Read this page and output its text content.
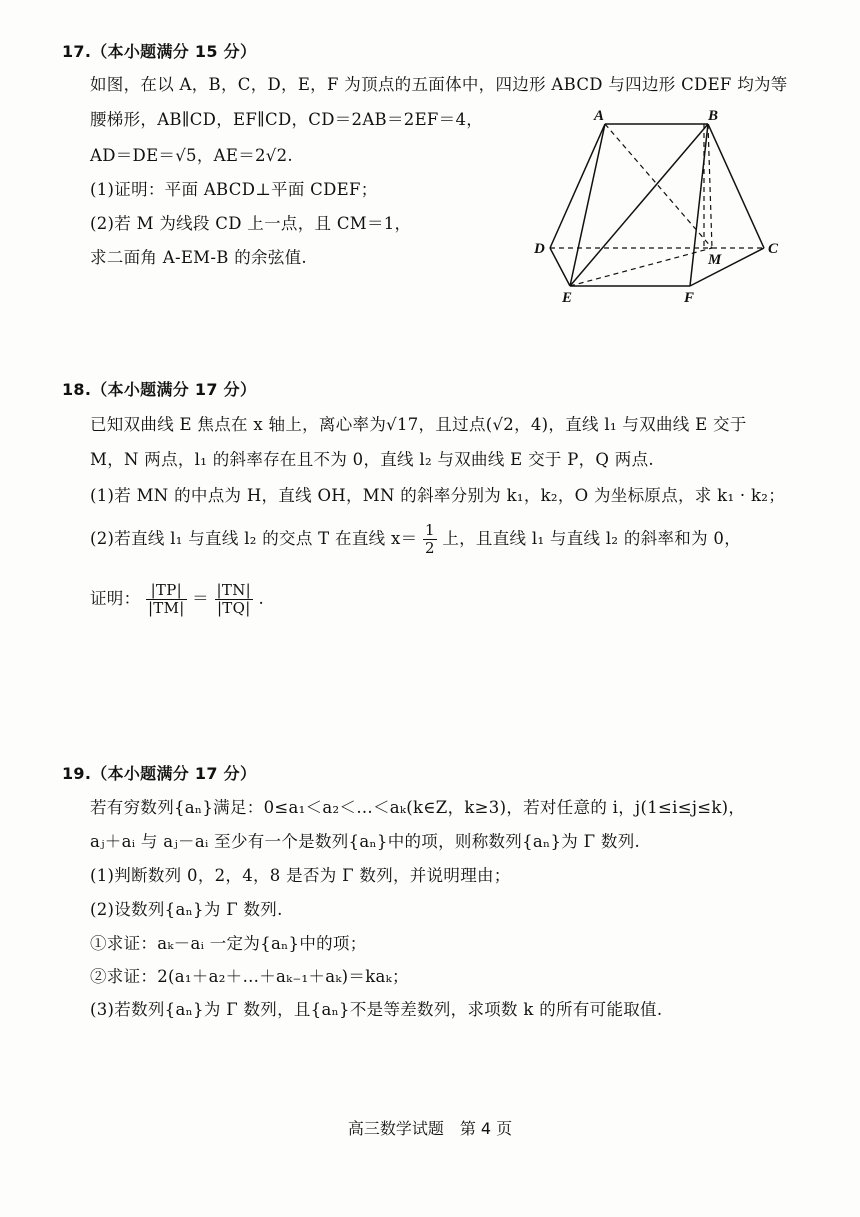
17.（本小题满分 15 分）
如图，在以 A，B，C，D，E，F 为顶点的五面体中，四边形 ABCD 与四边形 CDEF 均为等
腰梯形，AB∥CD，EF∥CD，CD＝2AB＝2EF＝4，
AD＝DE＝√5，AE＝2√2.
(1)证明：平面 ABCD⊥平面 CDEF；
(2)若 M 为线段 CD 上一点，且 CM＝1，
求二面角 A-EM-B 的余弦值.
A	B
C
D
E	F
M
18.（本小题满分 17 分）
已知双曲线 E 焦点在 x 轴上，离心率为√17，且过点(√2，4)，直线 l₁ 与双曲线 E 交于
M，N 两点，l₁ 的斜率存在且不为 0，直线 l₂ 与双曲线 E 交于 P，Q 两点.
(1)若 MN 的中点为 H，直线 OH，MN 的斜率分别为 k₁，k₂，O 为坐标原点，求 k₁ · k₂；
(2)若直线 l₁ 与直线 l₂ 的交点 T 在直线 $x= \frac{1}{2}$ 上，且直线 l₁ 与直线 l₂ 的斜率和为 0，
证明： $\frac{|TP|}{|TM|} = \frac{|TN|}{|TQ|}$ .
19.（本小题满分 17 分）
若有穷数列{aₙ}满足：0≤a₁＜a₂＜…＜aₖ(k∈Z，k≥3)，若对任意的 i，j(1≤i≤j≤k)，
aⱼ＋aᵢ 与 aⱼ－aᵢ 至少有一个是数列{aₙ}中的项，则称数列{aₙ}为 Γ 数列.
(1)判断数列 0，2，4，8 是否为 Γ 数列，并说明理由；
(2)设数列{aₙ}为 Γ 数列.
①求证：aₖ－aᵢ 一定为{aₙ}中的项；
②求证：2(a₁＋a₂＋…＋aₖ₋₁＋aₖ)＝kaₖ；
(3)若数列{aₙ}为 Γ 数列，且{aₙ}不是等差数列，求项数 k 的所有可能取值.
高三数学试题　第 4 页
